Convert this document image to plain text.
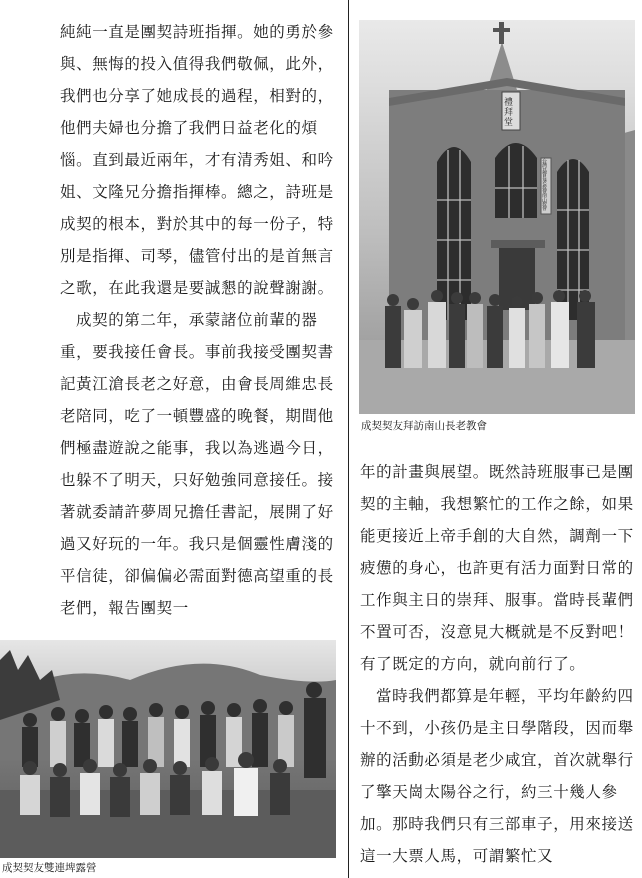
純純一直是團契詩班指揮。她的勇於參與、無悔的投入值得我們敬佩，此外，我們也分享了她成長的過程，相對的，他們夫婦也分擔了我們日益老化的煩惱。直到最近兩年，才有清秀姐、和吟姐、文隆兄分擔指揮棒。總之，詩班是成契的根本，對於其中的每一份子，特別是指揮、司琴，儘管付出的是首無言之歌，在此我還是要誠懇的說聲謝謝。

成契的第二年，承蒙諸位前輩的器重，要我接任會長。事前我接受團契書記黃江滄長老之好意，由會長周維忠長老陪同，吃了一頓豐盛的晚餐，期間他們極盡遊說之能事，我以為逃過今日，也躲不了明天，只好勉強同意接任。接著就委請許夢周兄擔任書記，展開了好過又好玩的一年。我只是個靈性膚淺的平信徒，卻偏偏必需面對德高望重的長老們，報告團契一

禮拜堂
台灣基督長老教會南山教會
成契契友拜訪南山長老教會

年的計畫與展望。既然詩班服事已是團契的主軸，我想繁忙的工作之餘，如果能更接近上帝手創的大自然，調劑一下疲憊的身心，也許更有活力面對日常的工作與主日的崇拜、服事。當時長輩們不置可否，沒意見大概就是不反對吧！有了既定的方向，就向前行了。

當時我們都算是年輕，平均年齡約四十不到，小孩仍是主日學階段，因而舉辦的活動必須是老少咸宜，首次就舉行了擎天崗太陽谷之行，約三十幾人參加。那時我們只有三部車子，用來接送這一大票人馬，可謂繁忙又

成契契友雙連埤露營
